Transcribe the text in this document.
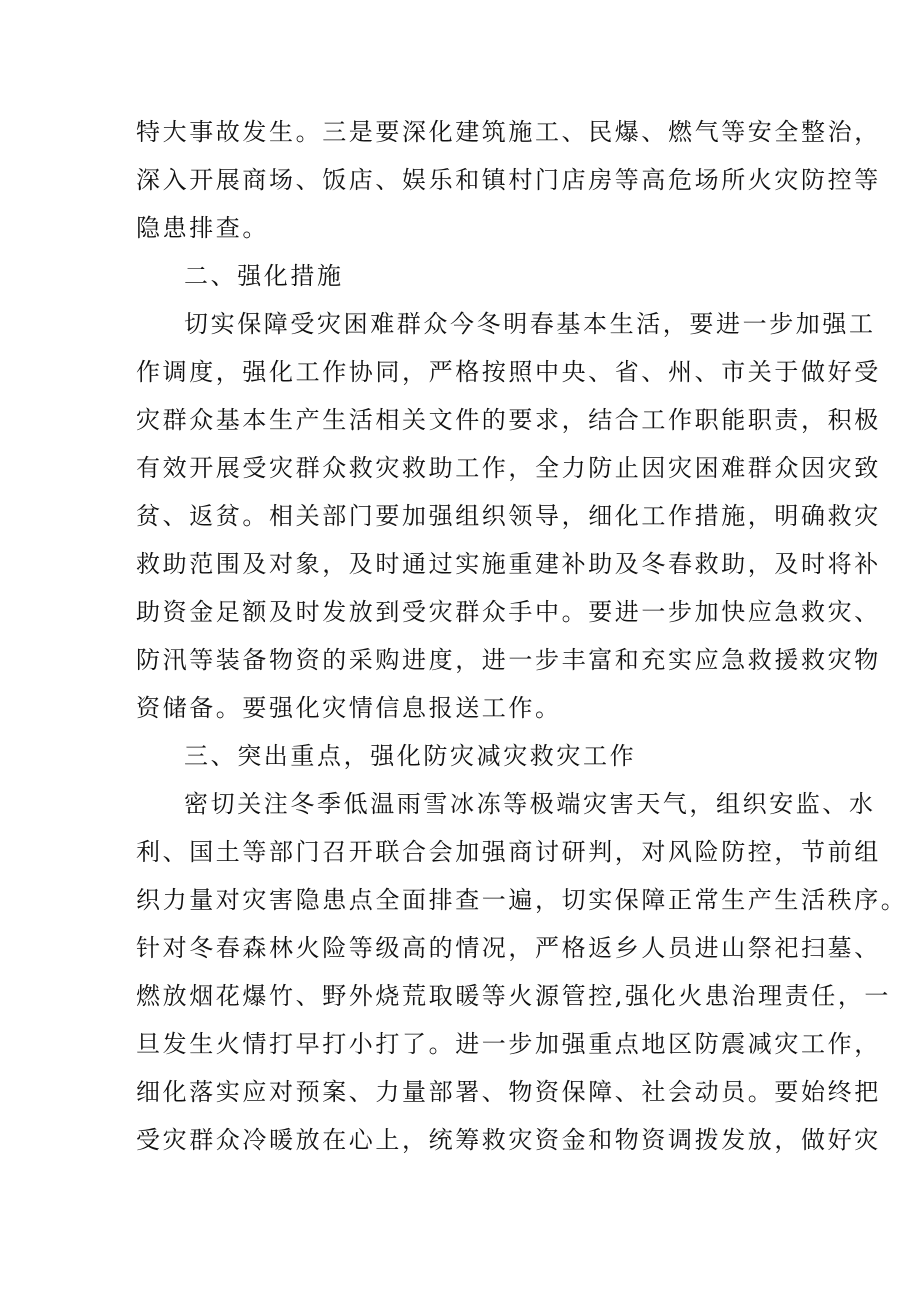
特大事故发生。三是要深化建筑施工、民爆、燃气等安全整治，
深入开展商场、饭店、娱乐和镇村门店房等高危场所火灾防控等
隐患排查。
二、强化措施
切实保障受灾困难群众今冬明春基本生活，要进一步加强工
作调度，强化工作协同，严格按照中央、省、州、市关于做好受
灾群众基本生产生活相关文件的要求，结合工作职能职责，积极
有效开展受灾群众救灾救助工作，全力防止因灾困难群众因灾致
贫、返贫。相关部门要加强组织领导，细化工作措施，明确救灾
救助范围及对象，及时通过实施重建补助及冬春救助，及时将补
助资金足额及时发放到受灾群众手中。要进一步加快应急救灾、
防汛等装备物资的采购进度，进一步丰富和充实应急救援救灾物
资储备。要强化灾情信息报送工作。
三、突出重点，强化防灾减灾救灾工作
密切关注冬季低温雨雪冰冻等极端灾害天气，组织安监、水
利、国土等部门召开联合会加强商讨研判，对风险防控，节前组
织力量对灾害隐患点全面排查一遍，切实保障正常生产生活秩序。
针对冬春森林火险等级高的情况，严格返乡人员进山祭祀扫墓、
燃放烟花爆竹、野外烧荒取暖等火源管控,强化火患治理责任，一
旦发生火情打早打小打了。进一步加强重点地区防震减灾工作，
细化落实应对预案、力量部署、物资保障、社会动员。要始终把
受灾群众冷暖放在心上，统筹救灾资金和物资调拨发放，做好灾
